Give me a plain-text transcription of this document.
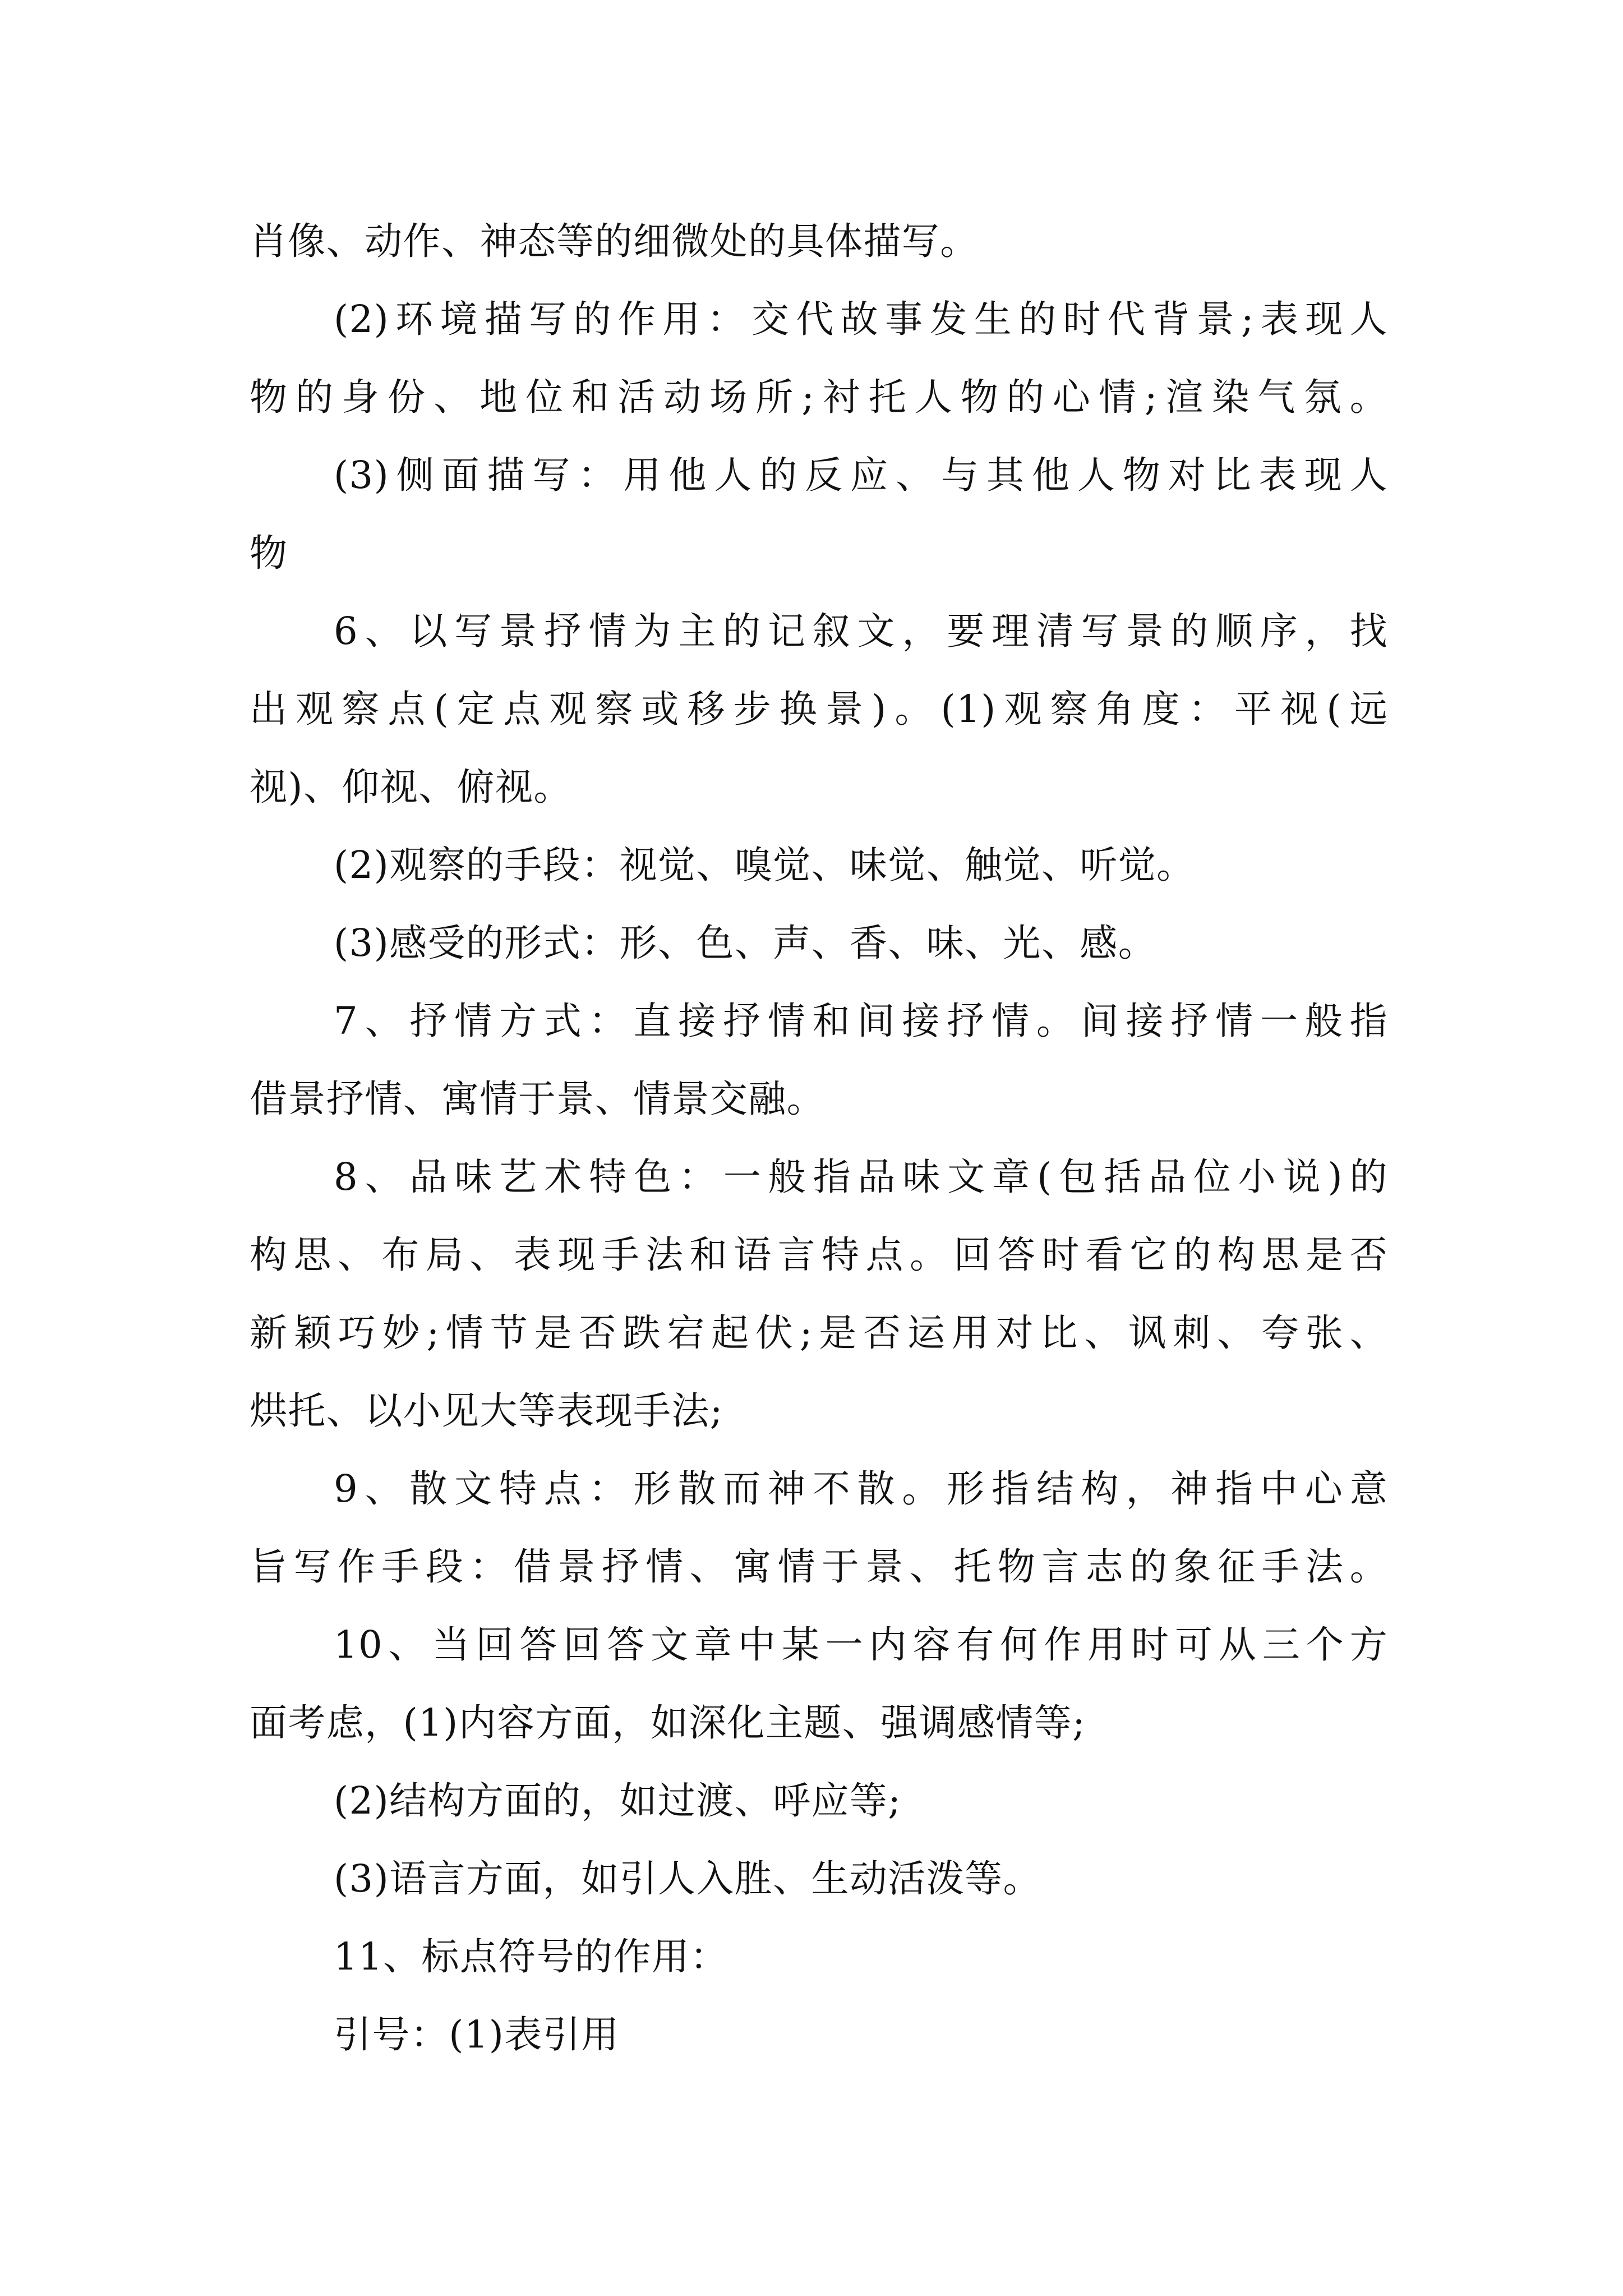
肖像、动作、神态等的细微处的具体描写。
(2)环境描写的作用：交代故事发生的时代背景;表现人
物的身份、地位和活动场所;衬托人物的心情;渲染气氛。
(3)侧面描写：用他人的反应、与其他人物对比表现人
物
6、以写景抒情为主的记叙文，要理清写景的顺序，找
出观察点(定点观察或移步换景)。(1)观察角度：平视(远
视)、仰视、俯视。
(2)观察的手段：视觉、嗅觉、味觉、触觉、听觉。
(3)感受的形式：形、色、声、香、味、光、感。
7、抒情方式：直接抒情和间接抒情。间接抒情一般指
借景抒情、寓情于景、情景交融。
8、品味艺术特色：一般指品味文章(包括品位小说)的
构思、布局、表现手法和语言特点。回答时看它的构思是否
新颖巧妙;情节是否跌宕起伏;是否运用对比、讽刺、夸张、
烘托、以小见大等表现手法;
9、散文特点：形散而神不散。形指结构，神指中心意
旨写作手段：借景抒情、寓情于景、托物言志的象征手法。
10、当回答回答文章中某一内容有何作用时可从三个方
面考虑，(1)内容方面，如深化主题、强调感情等;
(2)结构方面的，如过渡、呼应等;
(3)语言方面，如引人入胜、生动活泼等。
11、标点符号的作用：
引号：(1)表引用
